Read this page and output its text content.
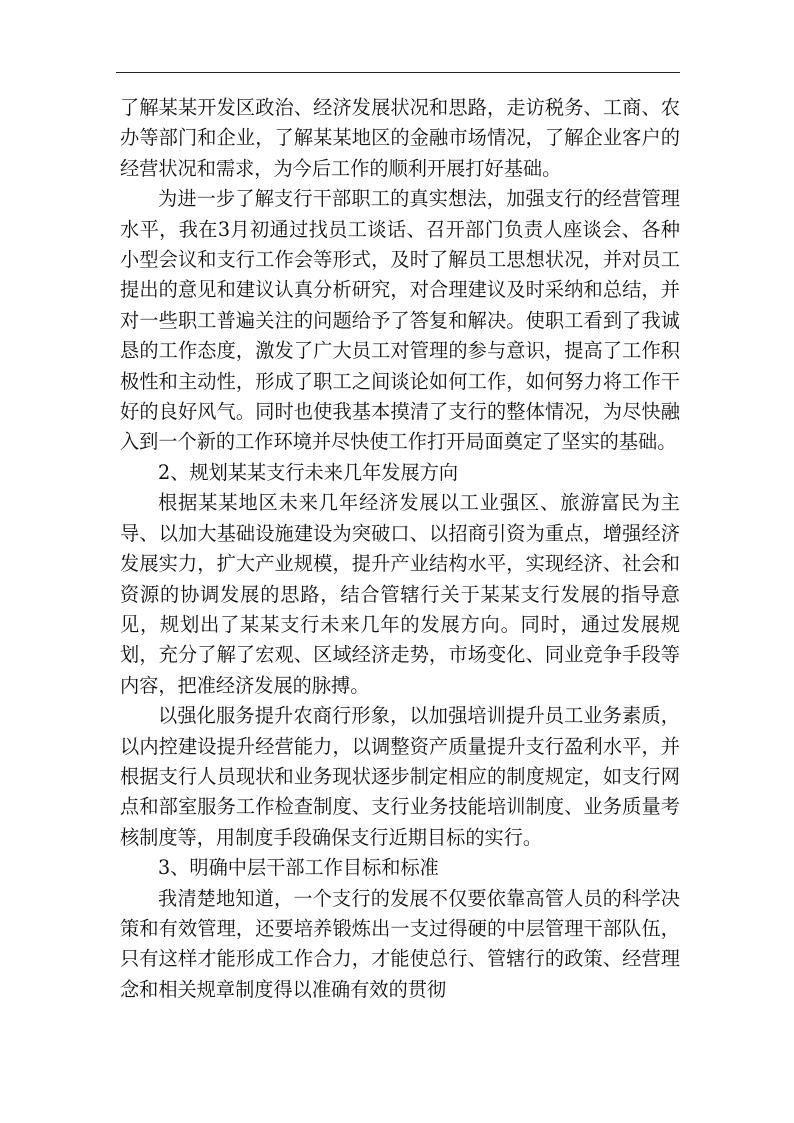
了解某某开发区政治、经济发展状况和思路，走访税务、工商、农办等部门和企业，了解某某地区的金融市场情况，了解企业客户的经营状况和需求，为今后工作的顺利开展打好基础。

为进一步了解支行干部职工的真实想法，加强支行的经营管理水平，我在3月初通过找员工谈话、召开部门负责人座谈会、各种小型会议和支行工作会等形式，及时了解员工思想状况，并对员工提出的意见和建议认真分析研究，对合理建议及时采纳和总结，并对一些职工普遍关注的问题给予了答复和解决。使职工看到了我诚恳的工作态度，激发了广大员工对管理的参与意识，提高了工作积极性和主动性，形成了职工之间谈论如何工作，如何努力将工作干好的良好风气。同时也使我基本摸清了支行的整体情况，为尽快融入到一个新的工作环境并尽快使工作打开局面奠定了坚实的基础。

2、规划某某支行未来几年发展方向

根据某某地区未来几年经济发展以工业强区、旅游富民为主导、以加大基础设施建设为突破口、以招商引资为重点，增强经济发展实力，扩大产业规模，提升产业结构水平，实现经济、社会和资源的协调发展的思路，结合管辖行关于某某支行发展的指导意见，规划出了某某支行未来几年的发展方向。同时，通过发展规划，充分了解了宏观、区域经济走势，市场变化、同业竞争手段等内容，把准经济发展的脉搏。

以强化服务提升农商行形象，以加强培训提升员工业务素质，以内控建设提升经营能力，以调整资产质量提升支行盈利水平，并根据支行人员现状和业务现状逐步制定相应的制度规定，如支行网点和部室服务工作检查制度、支行业务技能培训制度、业务质量考核制度等，用制度手段确保支行近期目标的实行。

3、明确中层干部工作目标和标准

我清楚地知道，一个支行的发展不仅要依靠高管人员的科学决策和有效管理，还要培养锻炼出一支过得硬的中层管理干部队伍，只有这样才能形成工作合力，才能使总行、管辖行的政策、经营理念和相关规章制度得以准确有效的贯彻
